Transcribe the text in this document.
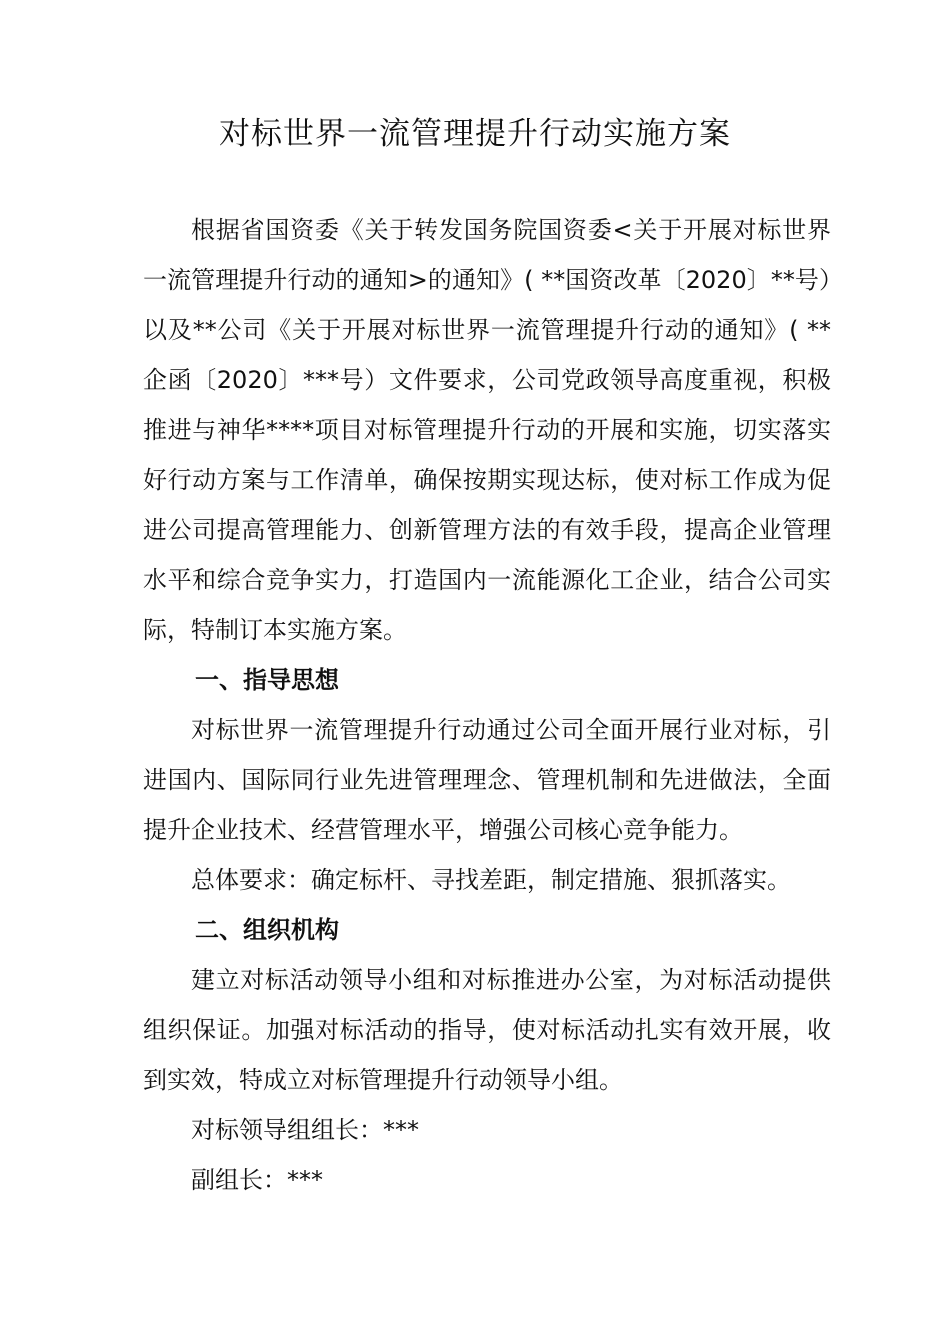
对标世界一流管理提升行动实施方案

根据省国资委《关于转发国务院国资委<关于开展对标世界一流管理提升行动的通知>的通知》( **国资改革〔2020〕**号）以及**公司《关于开展对标世界一流管理提升行动的通知》( **企函〔2020〕***号）文件要求，公司党政领导高度重视，积极推进与神华****项目对标管理提升行动的开展和实施，切实落实好行动方案与工作清单，确保按期实现达标，使对标工作成为促进公司提高管理能力、创新管理方法的有效手段，提高企业管理水平和综合竞争实力，打造国内一流能源化工企业，结合公司实际，特制订本实施方案。

一、指导思想

对标世界一流管理提升行动通过公司全面开展行业对标，引进国内、国际同行业先进管理理念、管理机制和先进做法，全面提升企业技术、经营管理水平，增强公司核心竞争能力。

总体要求：确定标杆、寻找差距，制定措施、狠抓落实。

二、组织机构

建立对标活动领导小组和对标推进办公室，为对标活动提供组织保证。加强对标活动的指导，使对标活动扎实有效开展，收到实效，特成立对标管理提升行动领导小组。

对标领导组组长：***

副组长：***
